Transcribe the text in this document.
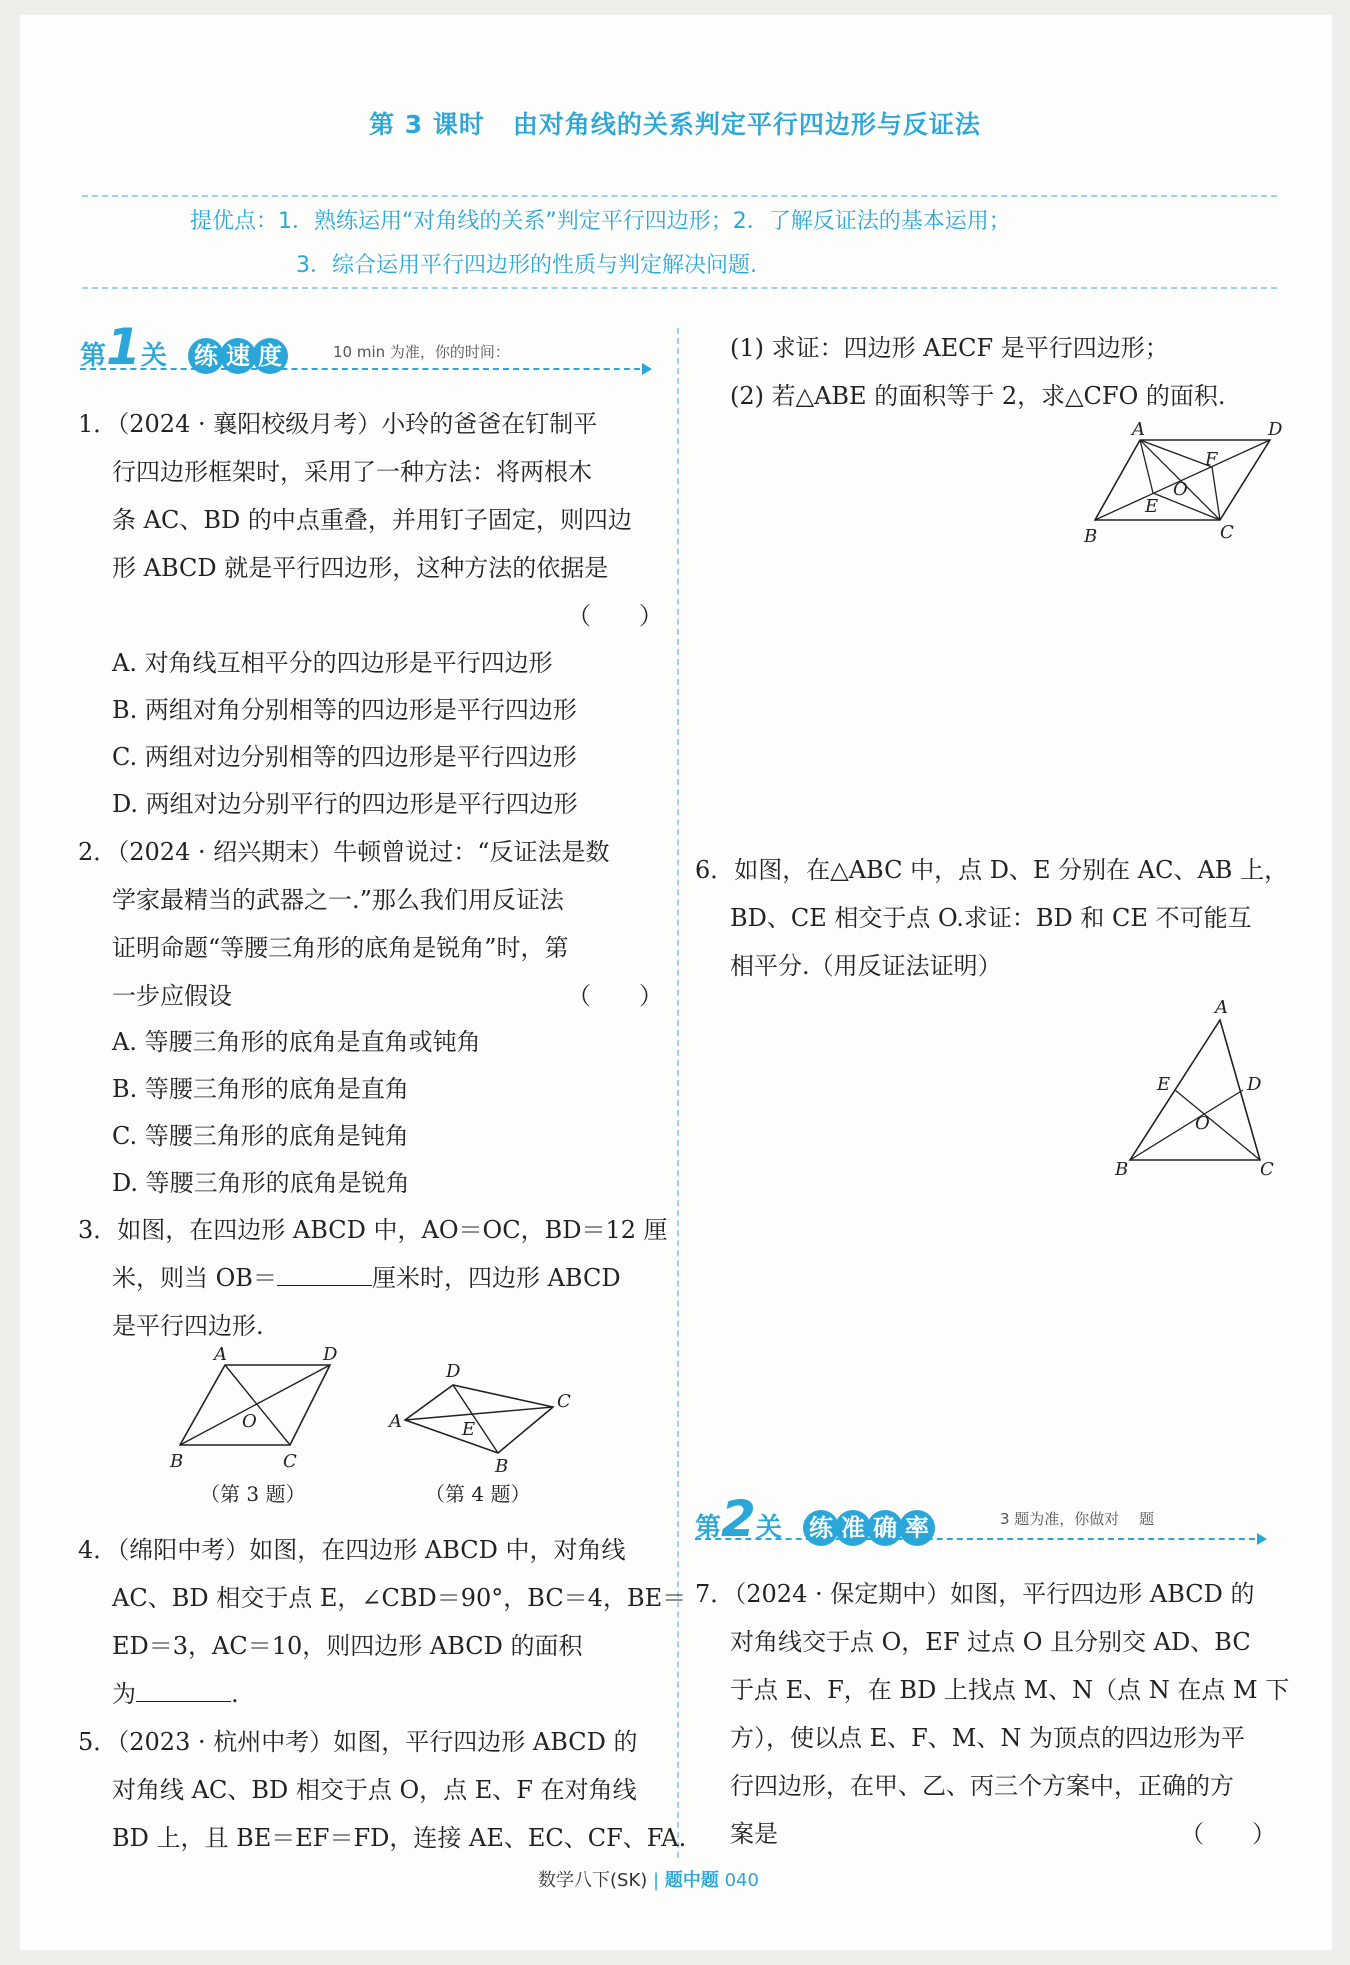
第 3 课时 由对角线的关系判定平行四边形与反证法
提优点：1．熟练运用“对角线的关系”判定平行四边形；2．了解反证法的基本运用；
3．综合运用平行四边形的性质与判定解决问题.
第1关 练 速 度	10 min 为准，你的时间：
1．（2024 · 襄阳校级月考）小玲的爸爸在钉制平
行四边形框架时，采用了一种方法：将两根木
条 AC、BD 的中点重叠，并用钉子固定，则四边
形 ABCD 就是平行四边形，这种方法的依据是
（　　）
A. 对角线互相平分的四边形是平行四边形
B. 两组对角分别相等的四边形是平行四边形
C. 两组对边分别相等的四边形是平行四边形
D. 两组对边分别平行的四边形是平行四边形
2．（2024 · 绍兴期末）牛顿曾说过：“反证法是数
学家最精当的武器之一.”那么我们用反证法
证明命题“等腰三角形的底角是锐角”时，第
一步应假设	（　　）
A. 等腰三角形的底角是直角或钝角
B. 等腰三角形的底角是直角
C. 等腰三角形的底角是钝角
D. 等腰三角形的底角是锐角
3．如图，在四边形 ABCD 中，AO＝OC，BD＝12 厘
米，则当 OB＝	厘米时，四边形 ABCD
是平行四边形.
A	D
B	C
O
（第 3 题）
D
A
C
B
E
（第 4 题）
4．（绵阳中考）如图，在四边形 ABCD 中，对角线
AC、BD 相交于点 E，∠CBD＝90°，BC＝4，BE＝
ED＝3，AC＝10，则四边形 ABCD 的面积
为	.
5．（2023 · 杭州中考）如图，平行四边形 ABCD 的
对角线 AC、BD 相交于点 O，点 E、F 在对角线
BD 上，且 BE＝EF＝FD，连接 AE、EC、CF、FA.
(1) 求证：四边形 AECF 是平行四边形；
(2) 若△ABE 的面积等于 2，求△CFO 的面积.
A	D
F
O
E
B	C
6．如图，在△ABC 中，点 D、E 分别在 AC、AB 上，
BD、CE 相交于点 O.求证：BD 和 CE 不可能互
相平分.（用反证法证明）
A
E	D
O
B	C
第2关 练 准 确 率	3 题为准，你做对　 题
7．（2024 · 保定期中）如图，平行四边形 ABCD 的
对角线交于点 O，EF 过点 O 且分别交 AD、BC
于点 E、F，在 BD 上找点 M、N（点 N 在点 M 下
方），使以点 E、F、M、N 为顶点的四边形为平
行四边形，在甲、乙、丙三个方案中，正确的方
案是	（　　）
数学八下(SK) | 题中题 040
